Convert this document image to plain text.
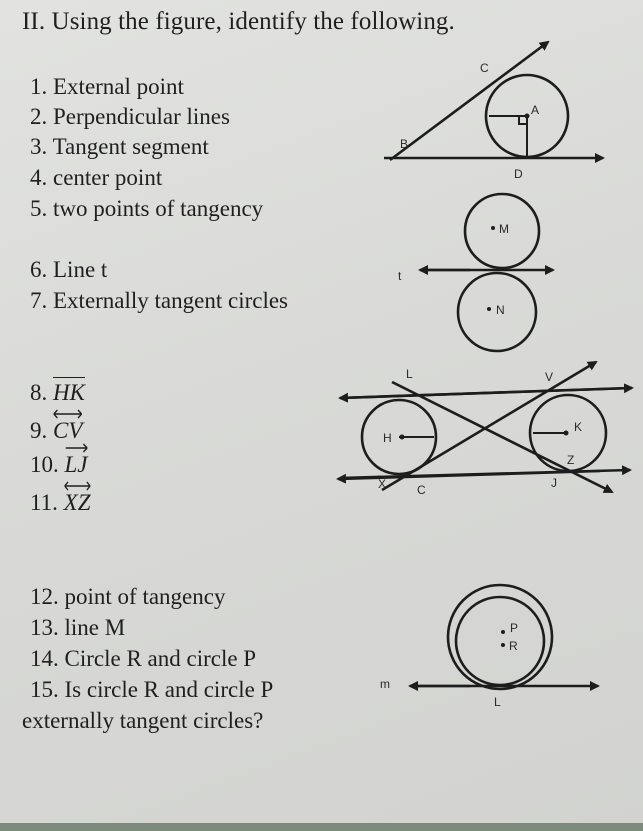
II. Using the figure, identify the following.
1. External point
2. Perpendicular lines
3. Tangent segment
4. center point
5. two points of tangency
6. Line t
7. Externally tangent circles
8. HK
9. CV
10. LJ
11. XZ
12. point of tangency
13. line M
14. Circle R and circle P
15. Is circle R and circle P
externally tangent circles?
C
A
B
D
M
t
N
L	V
H
K
X	C
Z
J
P
R
m
L
